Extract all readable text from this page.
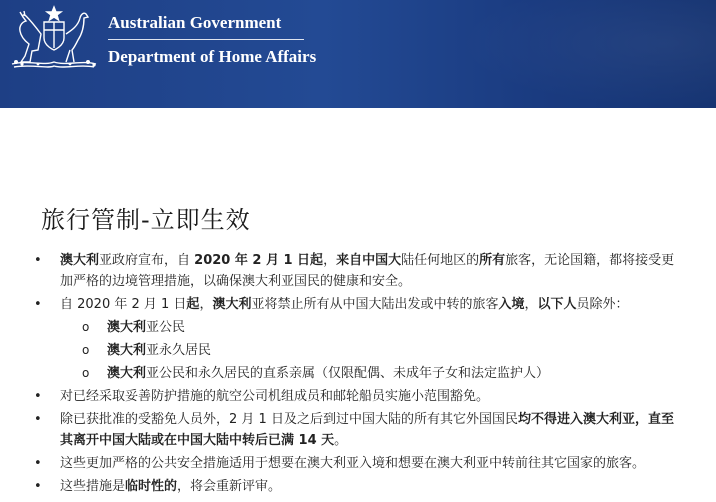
Australian Government
Department of Home Affairs
旅行管制-立即生效
• 澳大利亚政府宣布，自 2020 年 2 月 1 日起，来自中国大陆任何地区的所有旅客，无论国籍，都将接受更加严格的边境管理措施，以确保澳大利亚国民的健康和安全。
• 自 2020 年 2 月 1 日起，澳大利亚将禁止所有从中国大陆出发或中转的旅客入境，以下人员除外：
o 澳大利亚公民
o 澳大利亚永久居民
o 澳大利亚公民和永久居民的直系亲属（仅限配偶、未成年子女和法定监护人）
• 对已经采取妥善防护措施的航空公司机组成员和邮轮船员实施小范围豁免。
• 除已获批准的受豁免人员外，2 月 1 日及之后到过中国大陆的所有其它外国国民均不得进入澳大利亚，直至其离开中国大陆或在中国大陆中转后已满 14 天。
• 这些更加严格的公共安全措施适用于想要在澳大利亚入境和想要在澳大利亚中转前往其它国家的旅客。
• 这些措施是临时性的，将会重新评审。
